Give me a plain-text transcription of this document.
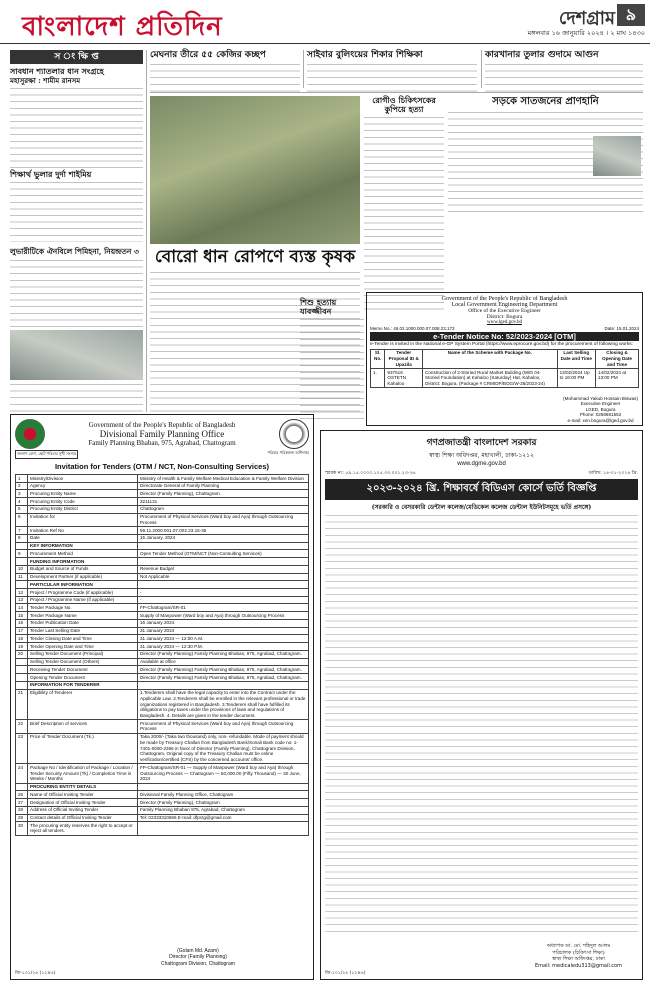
বাংলাদেশ প্রতিদিন	দেশগ্রাম ৯
মঙ্গলবার ১৬ জানুয়ারি ২০২৪ । ২ মাঘ ১৪৩০
স ং ক্ষি প্ত
সাবধান শ্যাতলার ধান সংগ্রহে
মহাসুরক্ষা : শামীম রানসম
শিক্ষার্থ ভুলার দুর্দা শাইমিয়
লুভারীটিকে ঐনবিলে পিমিহনা, নিয়ন্দ্রতন ৩
মেঘনার তীরে ৫৫ কেজির কচ্ছপ	সাইবার বুলিংয়ের শিকার শিক্ষিকা	কারখানার তুলার গুদামে আগুন
বোরো ধান রোপণে ব্যস্ত কৃষক
রোগীও চিকিৎসকের কুপিয়ে হত্যা
সড়কে সাতজনের প্রাণহানি
শিশু হত্যায় যাবজ্জীবন
Government of the People's Republic of Bangladesh
Local Government Engineering Department
Office of the Executive Engineer
District: Bogura
www.lged.gov.bd
Memo No.: 46.02.1000.000.07.008.23.173	Date: 15.01.2024
e-Tender Notice No: 52/2023-2024 [OTM]
e-Tender is invited in the National e-GP System Portal (https://www.eprocure.gov.bd) for the procurement of following works:
Sl. No.	Tender Proposal ID & Upazila	Name of the Scheme with Package No.	Last Selling Date and Time	Closing & Opening Date and Time
1.	937516 OSTETN Kahaloo	Construction of 2-Storied Rural Market Building (With 04-Storied Foundation) at Kahaloo (Saturday) Hat, Kahaloo, District: Bogura. (Package # CRMIDP/BOG/W-35/2023-24)	13/02/2024 Up to 16:00 PM	14/02/2024 at 13:00 PM
(Mohammad Yakub Hossain Biswas)
Executive Engineer
LGED, Bogura
Phone: 0258881552
e-mail: xen.bogura@lged.gov.bd
Government of the People's Republic of Bangladesh
Divisional Family Planning Office
Family Planning Bhaban, 975, Agrabad, Chattogram
জনগণ যোগ, ছোট পরিবার সুখী সংসার	পরিবার পরিকল্পনা অধিদপ্তর
Invitation for Tenders (OTM / NCT, Non-Consulting Services)
1	Ministry/Division	Ministry of Health & Family Welfare Medical Education & Family Welfare Division
2	Agency	Directorate General of Family Planning
3	Procuring Entity Name	Director (Family Planning), Chattogram.
4	Procuring Entity Code	3211131
5	Procuring Entity District	Chattogram
6	Invitation for	Procurement of Physical Services (Ward boy and Aya) through Outsourcing Process
7	Invitation Ref No	59.11.2000.001.07.002.23.15-35
8	Date	15 January, 2024
	KEY INFORMATION	
9	Procurement Method	Open Tender Method (OTM/NCT (Non-Consulting Services)
	FUNDING INFORMATION	
10	Budget and Source of Funds	Revenue Budget
11	Development Partner (if applicable)	Not Applicable
	PARTICULAR INFORMATION	
12	Project / Programme Code (if applicable)	-
13	Project / Programme Name (if applicable)	-
14	Tender Package No.	FP-Chattogram/SR-01
15	Tender Package Name	Supply of Manpower (Ward boy and Aya) through Outsourcing Process
16	Tender Publication Date	16 January 2024
17	Tender Last Selling Date	31 January 2024
18	Tender Closing Date and Time	31 January 2024 — 12:00 A.M.
19	Tender Opening Date and Time	31 January 2024 — 12:30 P.M.
20	Selling Tender Document (Principal)	Director (Family Planning) Family Planning Bhaban, 975, Agrabad, Chattogram.
	Selling Tender Document (Others)	Available at office
	Receiving Tender Document	Director (Family Planning) Family Planning Bhaban, 975, Agrabad, Chattogram.
	Opening Tender Document	Director (Family Planning) Family Planning Bhaban, 975, Agrabad, Chattogram.
	INFORMATION FOR TENDERER	
21	Eligibility of Tenderer	1.Tenderers shall have the legal capacity to enter into the Contract under the Applicable Law. 2.Tenderers shall be enrolled in the relevant professional or trade organizations registered in Bangladesh. 3.Tenderers shall have fulfilled its obligations to pay taxes under the provisions of laws and regulations of Bangladesh. 4. Details are given in the tender document.
22	Brief Description of services	Procurement of Physical Services (Ward boy and Aya) through Outsourcing Process
23	Price of Tender Document (Tk.)	Taka 2000/- (Taka two thousand) only, non- refundable. Mode of payment should be made by Treasury Challan from Bangladesh Bank/Sonali Bank code no: 1-7401-0000-2366 in favor of Director (Family Planning), Chattogram Division, Chattogram. Original copy of the Treasury Challan must be online verification/certified (CFS) by the concerned accounts' office.
24	Package No / Identification of Package / Location / Tender Security Amount (Tk) / Completion Time in Weeks / Months	FP-Chattogram/SR-01 — Supply of Manpower (Ward boy and Aya) through Outsourcing Process — Chattogram — 50,000.00 (Fifty Thousand) — 30 June, 2024
	PROCURING ENTITY DETAILS	
26	Name of Official Inviting Tender	Divisional Family Planning Office, Chattogram
27	Designation of Official Inviting Tender	Director (Family Planning), Chattogram
28	Address of Official Inviting Tender	Family Planning Bhaban 975, Agrabad, Chattogram
29	Contact details of Official Inviting Tender	Tel: 02333310666 E-mail: dfpctg@gmail.com
30	The procuring entity reserves the right to accept or reject all tenders.	
(Golam Md. Azam)
Director (Family Planning)
Chattogram Division, Chattogram
জি-১০১/২৪ (১২×৪)
গণপ্রজাতন্ত্রী বাংলাদেশ সরকার
স্বাস্থ্য শিক্ষা অধিদপ্তর, মহাখালী, ঢাকা-১২১২
www.dgme.gov.bd
স্মারক নং: ৫৯.১৫.০০০০.১০৫.৩৩.০০১.২৩-২৬	তারিখ: ১৪-০১-২০২৪ খ্রি.
২০২৩-২০২৪ খ্রি. শিক্ষাবর্ষে বিডিএস কোর্সে ভর্তি বিজ্ঞপ্তি
(সরকারি ও বেসরকারি ডেন্টাল কলেজ/মেডিকেল কলেজ ডেন্টাল ইউনিটসমূহে ভর্তি প্রসঙ্গে)
অধ্যাপক ডা. মো. শহিদুল আলম
পরিচালক (চিকিৎসা শিক্ষা)
স্বাস্থ্য শিক্ষা অধিদপ্তর, ঢাকা
Email: medicaledu313@gmail.com
জি-১০১/২৪ (১২×৪)
